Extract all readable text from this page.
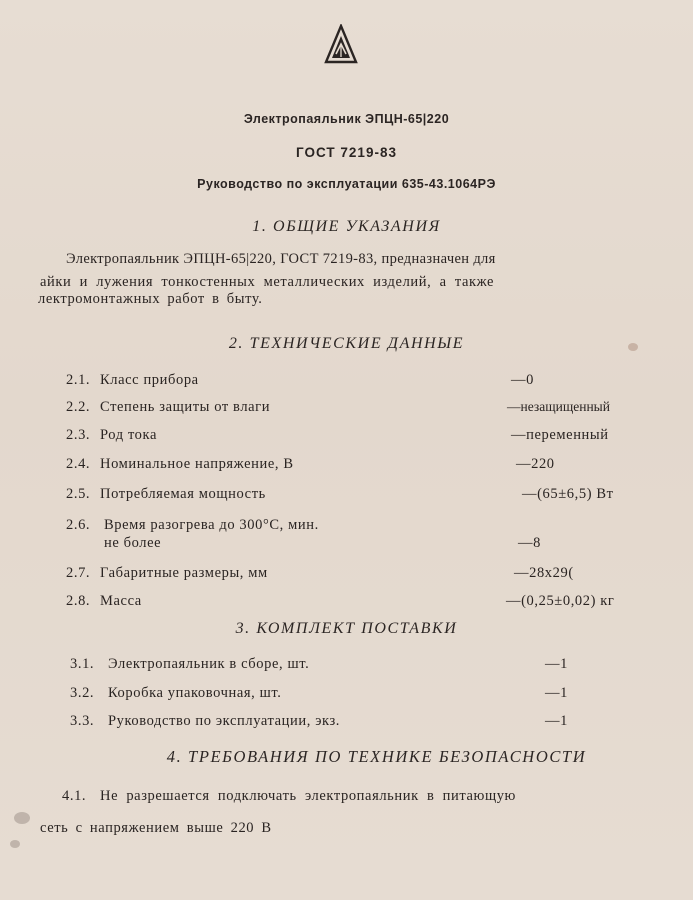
Электропаяльник ЭПЦН-65|220
ГОСТ 7219-83
Руководство по эксплуатации 635-43.1064РЭ
1. ОБЩИЕ УКАЗАНИЯ
Электропаяльник ЭПЦН-65|220, ГОСТ 7219-83, предназначен для
айки и лужения тонкостенных металлических изделий, а также
лектромонтажных работ в быту.
2. ТЕХНИЧЕСКИЕ ДАННЫЕ
2.1. Класс прибора	—0
2.2. Степень защиты от влаги	—незащищенный
2.3. Род тока	—переменный
2.4. Номинальное напряжение, В	—220
2.5. Потребляемая мощность	—(65±6,5) Вт
2.6. Время разогрева до 300°С, мин.
не более	—8
2.7. Габаритные размеры, мм	—28x29(
2.8. Масса	—(0,25±0,02) кг
3. КОМПЛЕКТ ПОСТАВКИ
3.1. Электропаяльник в сборе, шт.	—1
3.2. Коробка упаковочная, шт.	—1
3.3. Руководство по эксплуатации, экз.	—1
4. ТРЕБОВАНИЯ ПО ТЕХНИКЕ БЕЗОПАСНОСТИ
4.1. Не разрешается подключать электропаяльник в питающую
сеть с напряжением выше 220 В
